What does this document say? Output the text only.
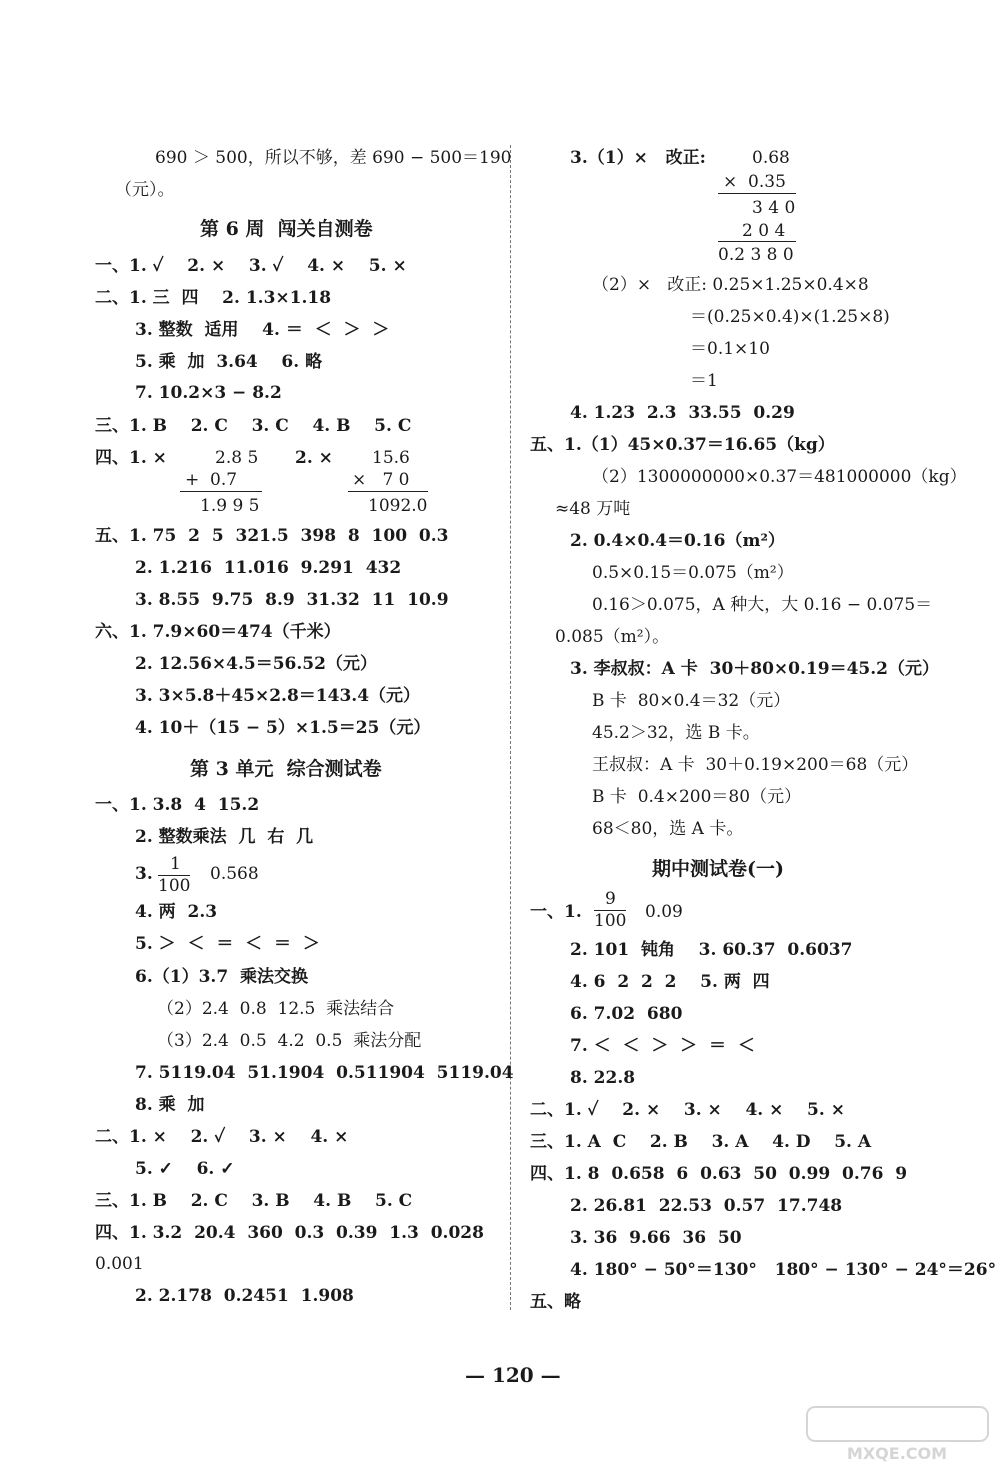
690 ＞ 500，所以不够，差 690 − 500＝190
（元）。
第 6 周  闯关自测卷
一、1. ✓    2. ×    3. ✓    4. ×    5. ×
二、1. 三  四    2. 1.3×1.18
3. 整数  适用    4. ＝  ＜  ＞  ＞
5. 乘  加  3.64    6. 略
7. 10.2×3 − 8.2
三、1. B    2. C    3. C    4. B    5. C
四、1. ×	2.8 5
+  0.7
1.9 9 5
2. × 15.6
×   7 0
1092.0
五、1. 75  2  5  321.5  398  8  100  0.3
2. 1.216  11.016  9.291  432
3. 8.55  9.75  8.9  31.32  11  10.9
六、1. 7.9×60＝474（千米）
2. 12.56×4.5＝56.52（元）
3. 3×5.8＋45×2.8＝143.4（元）
4. 10＋（15 − 5）×1.5＝25（元）
第 3 单元  综合测试卷
一、1. 3.8  4  15.2
2. 整数乘法  几  右  几
3. 1
100
0.568
4. 两  2.3
5. ＞  ＜  ＝  ＜  ＝  ＞
6.（1）3.7  乘法交换
（2）2.4  0.8  12.5  乘法结合
（3）2.4  0.5  4.2  0.5  乘法分配
7. 5119.04  51.1904  0.511904  5119.04
8. 乘  加
二、1. ×    2. ✓    3. ×    4. ×
5. ✓    6. ✓
三、1. B    2. C    3. B    4. B    5. C
四、1. 3.2  20.4  360  0.3  0.39  1.3  0.028
0.001
2. 2.178  0.2451  1.908
3.（1）×   改正:	0.68
×  0.35
3 4 0
2 0 4
0.2 3 8 0
（2）×   改正: 0.25×1.25×0.4×8
＝(0.25×0.4)×(1.25×8)
＝0.1×10
＝1
4. 1.23  2.3  33.55  0.29
五、1.（1）45×0.37＝16.65（kg）
（2）1300000000×0.37＝481000000（kg）
≈48 万吨
2. 0.4×0.4＝0.16（m²）
0.5×0.15＝0.075（m²）
0.16＞0.075，A 种大，大 0.16 − 0.075＝
0.085（m²）。
3. 李叔叔：A 卡  30＋80×0.19＝45.2（元）
B 卡  80×0.4＝32（元）
45.2＞32，选 B 卡。
王叔叔：A 卡  30＋0.19×200＝68（元）
B 卡  0.4×200＝80（元）
68＜80，选 A 卡。
期中测试卷(一)
一、1.
9
100 0.09
2. 101  钝角    3. 60.37  0.6037
4. 6  2  2  2    5. 两  四
6. 7.02  680
7. ＜  ＜  ＞  ＞  ＝  ＜
8. 22.8
二、1. ✓    2. ×    3. ×    4. ×    5. ×
三、1. A  C    2. B    3. A    4. D    5. A
四、1. 8  0.658  6  0.63  50  0.99  0.76  9
2. 26.81  22.53  0.57  17.748
3. 36  9.66  36  50
4. 180° − 50°＝130°   180° − 130° − 24°＝26°
五、略
— 120 —
MXQE.COM
